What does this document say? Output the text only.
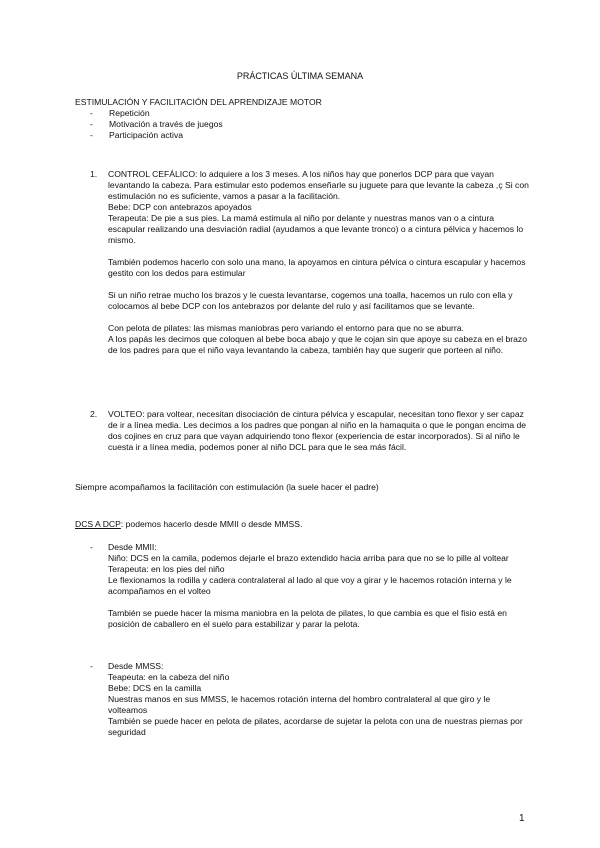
PRÁCTICAS ÚLTIMA SEMANA
ESTIMULACIÓN Y FACILITACIÓN DEL APRENDIZAJE MOTOR
- Repetición
- Motivación a través de juegos
- Participación activa
1. CONTROL CEFÁLICO: lo adquiere a los 3 meses. A los niños hay que ponerlos DCP para que vayan levantando la cabeza. Para estimular esto podemos enseñarle su juguete para que levante la cabeza ,ç Si con estimulación no es suficiente, vamos a pasar a la facilitación.

Bebe: DCP con antebrazos apoyados

Terapeuta: De pie a sus pies. La mamá estimula al niño por delante y nuestras manos van o a cintura escapular realizando una desviación radial (ayudamos a que levante tronco) o a cintura pélvica y hacemos lo mismo.

También podemos hacerlo con solo una mano, la apoyamos en cintura pélvica o cintura escapular y hacemos gestito con los dedos para estimular

Si un niño retrae mucho los brazos y le cuesta levantarse, cogemos una toalla, hacemos un rulo con ella y colocamos al bebe DCP con los antebrazos por delante del rulo y así facilitamos que se levante.

Con pelota de pilates: las mismas maniobras pero variando el entorno para que no se aburra.

A los papás les decimos que coloquen al bebe boca abajo y que le cojan sin que apoye su cabeza en el brazo de los padres para que el niño vaya levantando la cabeza, también hay que sugerir que porteen al niño.

2. VOLTEO: para voltear, necesitan disociación de cintura pélvica y escapular, necesitan tono flexor y ser capaz de ir a línea media. Les decimos a los padres que pongan al niño en la hamaquita o que le pongan encima de dos cojines en cruz para que vayan adquiriendo tono flexor (experiencia de estar incorporados). Si al niño le cuesta ir a línea media, podemos poner al niño DCL para que le sea más fácil.

Siempre acompañamos la facilitación con estimulación (la suele hacer el padre)
DCS A DCP: podemos hacerlo desde MMII o desde MMSS.
- Desde MMII:

Niño: DCS en la camila, podemos dejarle el brazo extendido hacia arriba para que no se lo pille al voltear

Terapeuta: en los pies del niño

Le flexionamos la rodilla y cadera contralateral al lado al que voy a girar y le hacemos rotación interna y le acompañamos en el volteo

También se puede hacer la misma maniobra en la pelota de pilates, lo que cambia es que el fisio está en posición de caballero en el suelo para estabilizar y parar la pelota.

- Desde MMSS:

Teapeuta: en la cabeza del niño

Bebe: DCS en la camilla

Nuestras manos en sus MMSS, le hacemos rotación interna del hombro contralateral al que giro y le volteamos

También se puede hacer en pelota de pilates, acordarse de sujetar la pelota con una de nuestras piernas por seguridad

1
